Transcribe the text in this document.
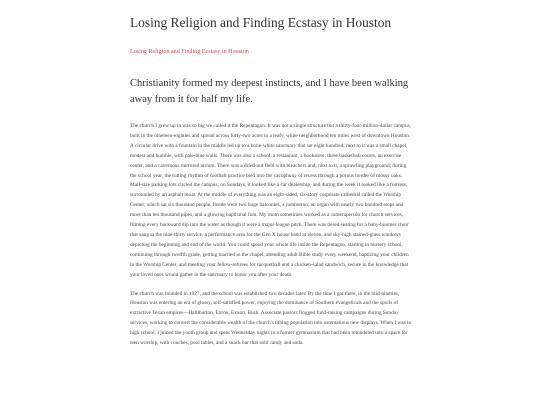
Losing Religion and Finding Ecstasy in Houston
Losing Religion and Finding Ecstasy in Houston

Christianity formed my deepest instincts, and I have been walking away from it for half my life.

The church I grew up in was so big we called it the Repentagon. It was not a single structure but a thirty-four-million-dollar campus, built in the nineteen-eighties and spread across forty-two acres in a leafy, white neighborhood ten miles west of downtown Houston. A circular drive with a fountain in the middle led up to a bone-white sanctuary that sat eight hundred; next to it was a small chapel, modest and humble, with pale-blue walls. There was also a school, a restaurant, a bookstore, three basketball courts, an exercise center, and a cavernous mirrored atrium. There was a dried-out field with bleachers and, next to it, a sprawling playground; during the school year, the rutting rhythm of football practice bled into the cacophony of recess through a porous border of mossy oaks. Mall-size parking lots circled the campus; on Sundays, it looked like a car dealership, and during the week it looked like a fortress, surrounded by an asphalt moat. At the middle of everything was an eight-sided, six-story corporate cathedral called the Worship Center, which sat six thousand people. Inside were two huge balconies, a jumbotron, an organ with nearly two hundred stops and more than ten thousand pipes, and a glowing baptismal font. My mom sometimes worked as a camerapersón for church services, filming every backward dip into the water as though it were a major-league pitch. There was tiered seating for a baby-boomer choir that sang at the nine-thirty service, a performance area for the Gen X house band at eleven, and sky-high stained-glass windows depicting the beginning and end of the world. You could spend your whole life inside the Repentagon, starting in nursery school, continuing through twelfth grade, getting married in the chapel, attending adult Bible study every weekend, baptizing your children in the Worship Center, and meeting your fellow-retirees for racquetball and a chicken-salad sandwich, secure in the knowledge that your loved ones would gather in the sanctuary to honor you after your death.

The church was founded in 1927, and the school was established two decades later. By the time I got there, in the mid-nineties, Houston was entering an era of glossy, self-satisfied power, enjoying the dominance of Southern evangelicals and the spoils of extractive Texan empires—Halliburton, Enron, Exxon, Bush. Associate pastors flogged fund-raising campaigns during Sunday services, working to convert the considerable wealth of the church's tithing population into ostentatious new displays. When I was in high school, I joined the youth group and spent Wednesday nights in a former gymnasium that had been remodeled into a space for teen worship, with couches, pool tables, and a snack bar that sold candy and soda.
